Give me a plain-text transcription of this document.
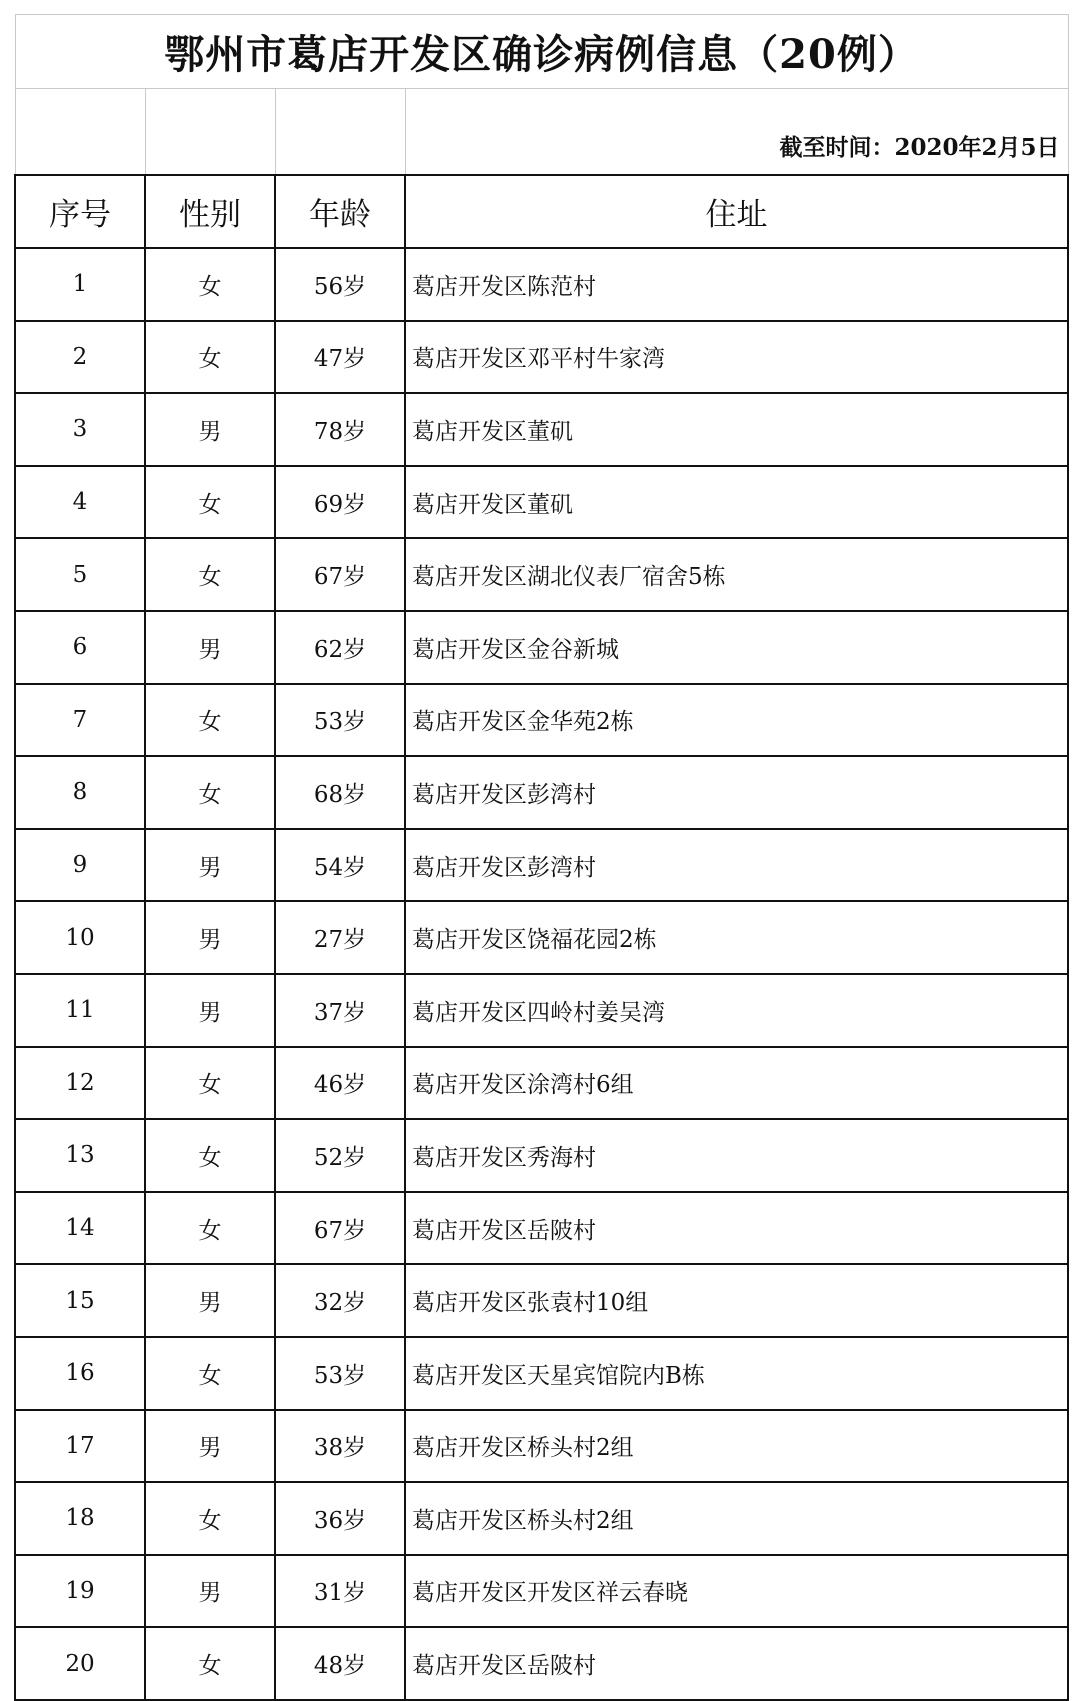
鄂州市葛店开发区确诊病例信息（20例）			
			截至时间：2020年2月5日
序号	性别	年龄	住址
1	女	56岁	葛店开发区陈范村
2	女	47岁	葛店开发区邓平村牛家湾
3	男	78岁	葛店开发区董矶
4	女	69岁	葛店开发区董矶
5	女	67岁	葛店开发区湖北仪表厂宿舍5栋
6	男	62岁	葛店开发区金谷新城
7	女	53岁	葛店开发区金华苑2栋
8	女	68岁	葛店开发区彭湾村
9	男	54岁	葛店开发区彭湾村
10	男	27岁	葛店开发区饶福花园2栋
11	男	37岁	葛店开发区四岭村姜吴湾
12	女	46岁	葛店开发区涂湾村6组
13	女	52岁	葛店开发区秀海村
14	女	67岁	葛店开发区岳陂村
15	男	32岁	葛店开发区张袁村10组
16	女	53岁	葛店开发区天星宾馆院内B栋
17	男	38岁	葛店开发区桥头村2组
18	女	36岁	葛店开发区桥头村2组
19	男	31岁	葛店开发区开发区祥云春晓
20	女	48岁	葛店开发区岳陂村
